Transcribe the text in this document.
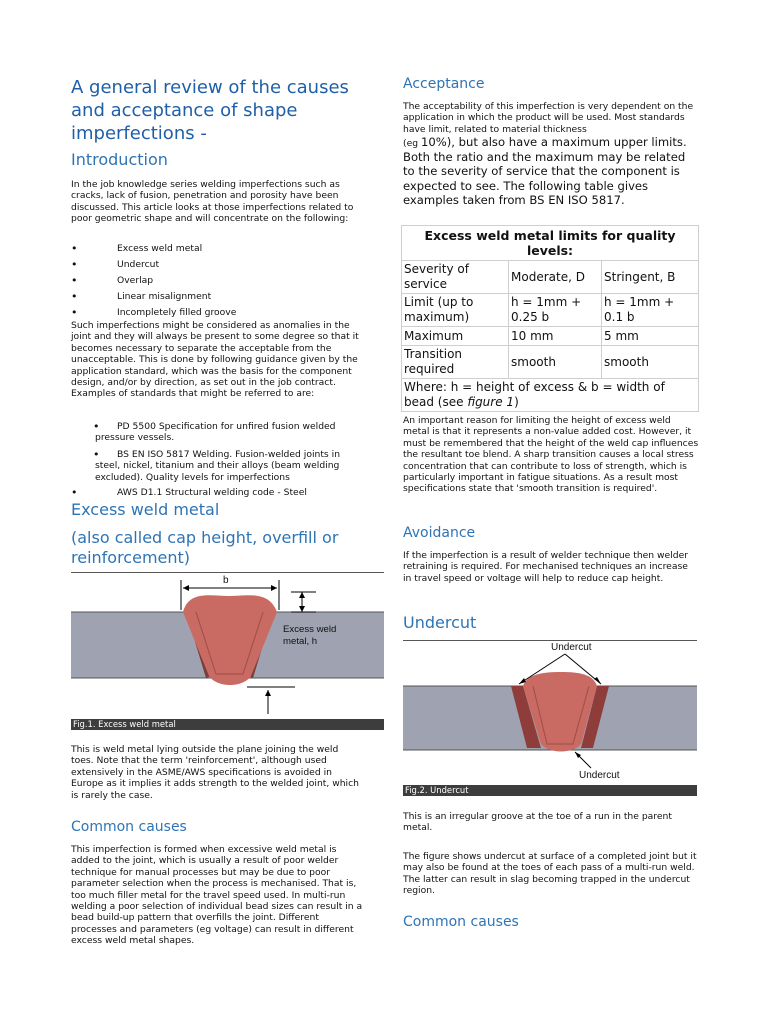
A general review of the causes and acceptance of shape imperfections -
Introduction

In the job knowledge series welding imperfections such as cracks, lack of fusion, penetration and porosity have been discussed. This article looks at those imperfections related to poor geometric shape and will concentrate on the following:

• Excess weld metal
• Undercut
• Overlap
• Linear misalignment
• Incompletely filled groove

Such imperfections might be considered as anomalies in the joint and they will always be present to some degree so that it becomes necessary to separate the acceptable from the unacceptable. This is done by following guidance given by the application standard, which was the basis for the component design, and/or by direction, as set out in the job contract. Examples of standards that might be referred to are:

• PD 5500 Specification for unfired fusion welded pressure vessels.
• BS EN ISO 5817 Welding. Fusion-welded joints in steel, nickel, titanium and their alloys (beam welding excluded). Quality levels for imperfections
• AWS D1.1 Structural welding code - Steel
Excess weld metal
(also called cap height, overfill or reinforcement)
b
Excess weld metal, h
Fig.1. Excess weld metal

This is weld metal lying outside the plane joining the weld toes. Note that the term 'reinforcement', although used extensively in the ASME/AWS specifications is avoided in Europe as it implies it adds strength to the welded joint, which is rarely the case.

Common causes

This imperfection is formed when excessive weld metal is added to the joint, which is usually a result of poor welder technique for manual processes but may be due to poor parameter selection when the process is mechanised. That is, too much filler metal for the travel speed used. In multi-run welding a poor selection of individual bead sizes can result in a bead build-up pattern that overfills the joint. Different processes and parameters (eg voltage) can result in different excess weld metal shapes.

Acceptance

The acceptability of this imperfection is very dependent on the application in which the product will be used. Most standards have limit, related to material thickness

(eg 10%), but also have a maximum upper limits. Both the ratio and the maximum may be related to the severity of service that the component is expected to see. The following table gives examples taken from BS EN ISO 5817.

Excess weld metal limits for quality levels:		
Severity of service	Moderate, D	Stringent, B
Limit (up to maximum)	h = 1mm + 0.25 b	h = 1mm + 0.1 b
Maximum	10 mm	5 mm
Transition required	smooth	smooth
Where: h = height of excess & b = width of bead (see figure 1)		

An important reason for limiting the height of excess weld metal is that it represents a non-value added cost. However, it must be remembered that the height of the weld cap influences the resultant toe blend. A sharp transition causes a local stress concentration that can contribute to loss of strength, which is particularly important in fatigue situations. As a result most specifications state that 'smooth transition is required'.

Avoidance

If the imperfection is a result of welder technique then welder retraining is required. For mechanised techniques an increase in travel speed or voltage will help to reduce cap height.

Undercut
Undercut
Undercut
Fig.2. Undercut

This is an irregular groove at the toe of a run in the parent metal.

The figure shows undercut at surface of a completed joint but it may also be found at the toes of each pass of a multi-run weld. The latter can result in slag becoming trapped in the undercut region.

Common causes
